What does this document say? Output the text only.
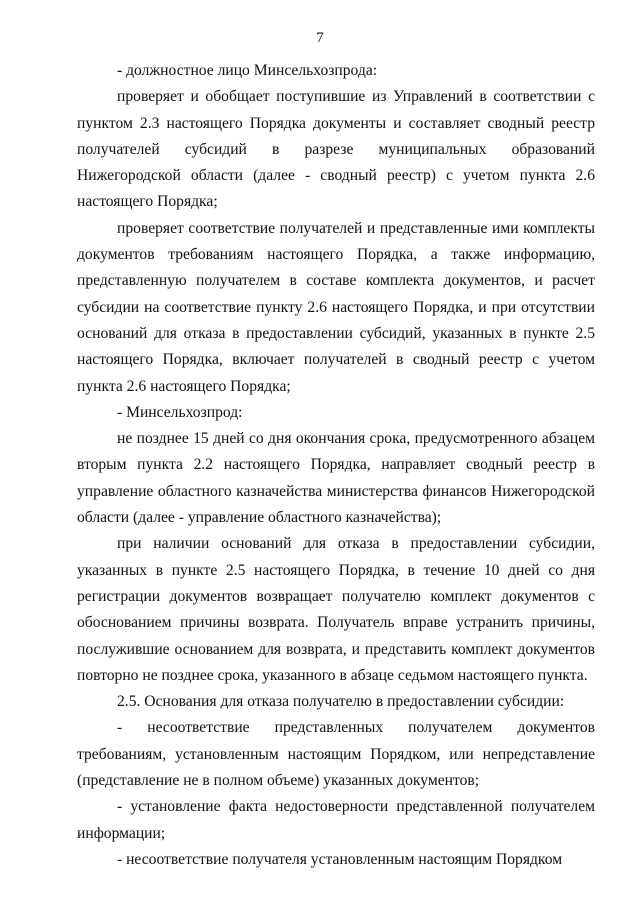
7

- должностное лицо Минсельхозпрода:

проверяет и обобщает поступившие из Управлений в соответствии с пунктом 2.3 настоящего Порядка документы и составляет сводный реестр получателей субсидий в разрезе муниципальных образований Нижегородской области (далее - сводный реестр) с учетом пункта 2.6 настоящего Порядка;

проверяет соответствие получателей и представленные ими комплекты документов требованиям настоящего Порядка, а также информацию, представленную получателем в составе комплекта документов, и расчет субсидии на соответствие пункту 2.6 настоящего Порядка, и при отсутствии оснований для отказа в предоставлении субсидий, указанных в пункте 2.5 настоящего Порядка, включает получателей в сводный реестр с учетом пункта 2.6 настоящего Порядка;

- Минсельхозпрод:

не позднее 15 дней со дня окончания срока, предусмотренного абзацем вторым пункта 2.2 настоящего Порядка, направляет сводный реестр в управление областного казначейства министерства финансов Нижегородской области (далее - управление областного казначейства);

при наличии оснований для отказа в предоставлении субсидии, указанных в пункте 2.5 настоящего Порядка, в течение 10 дней со дня регистрации документов возвращает получателю комплект документов с обоснованием причины возврата. Получатель вправе устранить причины, послужившие основанием для возврата, и представить комплект документов повторно не позднее срока, указанного в абзаце седьмом настоящего пункта.

2.5. Основания для отказа получателю в предоставлении субсидии:

- несоответствие представленных получателем документов требованиям, установленным настоящим Порядком, или непредставление (представление не в полном объеме) указанных документов;

- установление факта недостоверности представленной получателем информации;

- несоответствие получателя установленным настоящим Порядком
